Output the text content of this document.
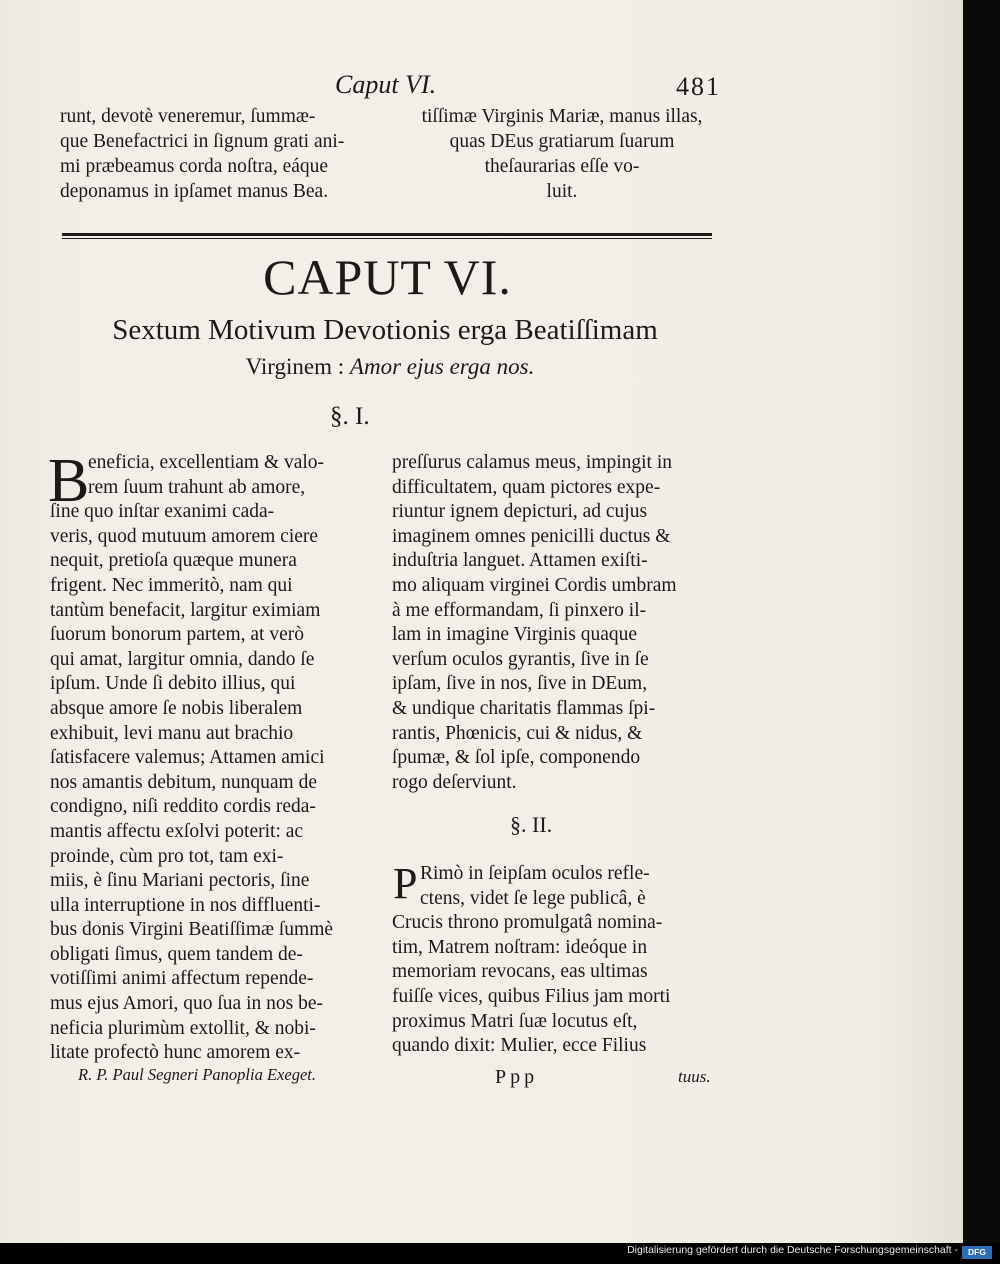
Caput VI.	481
runt, devotè veneremur, ſummæ-
que Benefactrici in ſignum grati ani-
mi præbeamus corda noſtra, eáque
deponamus in ipſamet manus Bea.
tiſſimæ Virginis Mariæ, manus illas,
quas DEus gratiarum ſuarum
theſaurarias eſſe vo-
luit.
CAPUT VI.
Sextum Motivum Devotionis erga Beatiſſimam
Virginem : Amor ejus erga nos.
§. I.
B
eneficia, excellentiam & valo-
rem ſuum trahunt ab amore,
ſine quo inſtar exanimi cada-
veris, quod mutuum amorem ciere
nequit, pretioſa quæque munera
frigent. Nec immeritò, nam qui
tantùm benefacit, largitur eximiam
ſuorum bonorum partem, at verò
qui amat, largitur omnia, dando ſe
ipſum. Unde ſi debito illius, qui
absque amore ſe nobis liberalem
exhibuit, levi manu aut brachio
ſatisfacere valemus; Attamen amici
nos amantis debitum, nunquam de
condigno, niſi reddito cordis reda-
mantis affectu exſolvi poterit: ac
proinde, cùm pro tot, tam exi-
miis, è ſinu Mariani pectoris, ſine
ulla interruptione in nos diffluenti-
bus donis Virgini Beatiſſimæ ſummè
obligati ſimus, quem tandem de-
votiſſimi animi affectum repende-
mus ejus Amori, quo ſua in nos be-
neficia plurimùm extollit, & nobi-
litate profectò hunc amorem ex-
preſſurus calamus meus, impingit in
difficultatem, quam pictores expe-
riuntur ignem depicturi, ad cujus
imaginem omnes penicilli ductus &
induſtria languet. Attamen exiſti-
mo aliquam virginei Cordis umbram
à me efformandam, ſi pinxero il-
lam in imagine Virginis quaque
verſum oculos gyrantis, ſive in ſe
ipſam, ſive in nos, ſive in DEum,
& undique charitatis flammas ſpi-
rantis, Phœnicis, cui & nidus, &
ſpumæ, & ſol ipſe, componendo
rogo deſerviunt.
§. II.
P Rimò in ſeipſam oculos refle-
ctens, videt ſe lege publicâ, è
Crucis throno promulgatâ nomina-
tim, Matrem noſtram: ideóque in
memoriam revocans, eas ultimas
fuiſſe vices, quibus Filius jam morti
proximus Matri ſuæ locutus eſt,
quando dixit: Mulier, ecce Filius
R. P. Paul Segneri Panoplia Exeget.	Ppp	tuus.
Digitalisierung gefördert durch die Deutsche Forschungsgemeinschaft -	DFG
